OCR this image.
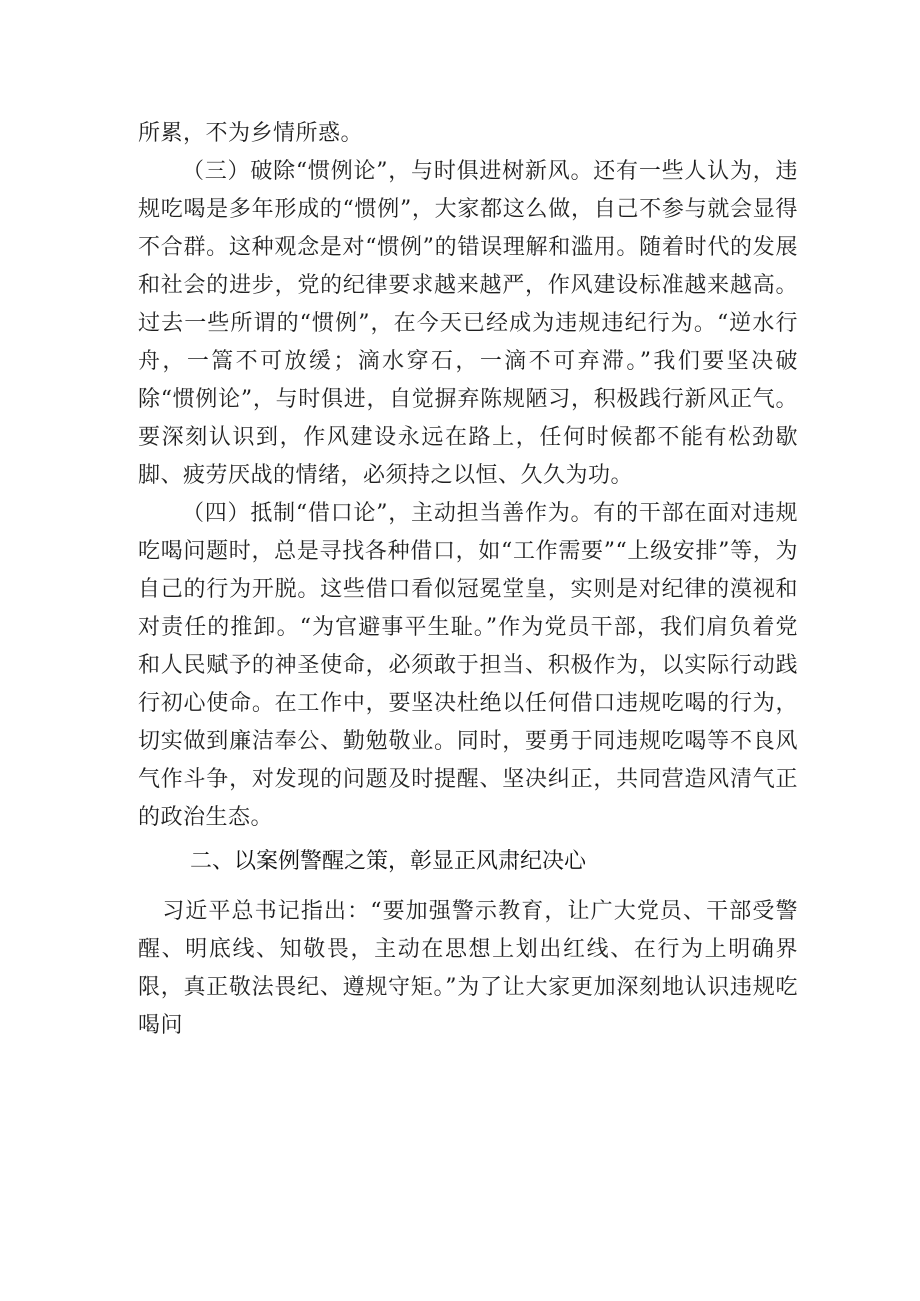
所累，不为乡情所惑。

（三）破除“惯例论”，与时俱进树新风。还有一些人认为，违规吃喝是多年形成的“惯例”，大家都这么做，自己不参与就会显得不合群。这种观念是对“惯例”的错误理解和滥用。随着时代的发展和社会的进步，党的纪律要求越来越严，作风建设标准越来越高。过去一些所谓的“惯例”，在今天已经成为违规违纪行为。“逆水行舟，一篙不可放缓；滴水穿石，一滴不可弃滞。”我们要坚决破除“惯例论”，与时俱进，自觉摒弃陈规陋习，积极践行新风正气。要深刻认识到，作风建设永远在路上，任何时候都不能有松劲歇脚、疲劳厌战的情绪，必须持之以恒、久久为功。

（四）抵制“借口论”，主动担当善作为。有的干部在面对违规吃喝问题时，总是寻找各种借口，如“工作需要”“上级安排”等，为自己的行为开脱。这些借口看似冠冕堂皇，实则是对纪律的漠视和对责任的推卸。“为官避事平生耻。”作为党员干部，我们肩负着党和人民赋予的神圣使命，必须敢于担当、积极作为，以实际行动践行初心使命。在工作中，要坚决杜绝以任何借口违规吃喝的行为，切实做到廉洁奉公、勤勉敬业。同时，要勇于同违规吃喝等不良风气作斗争，对发现的问题及时提醒、坚决纠正，共同营造风清气正的政治生态。

二、以案例警醒之策，彰显正风肃纪决心

习近平总书记指出：“要加强警示教育，让广大党员、干部受警醒、明底线、知敬畏，主动在思想上划出红线、在行为上明确界限，真正敬法畏纪、遵规守矩。”为了让大家更加深刻地认识违规吃喝问
